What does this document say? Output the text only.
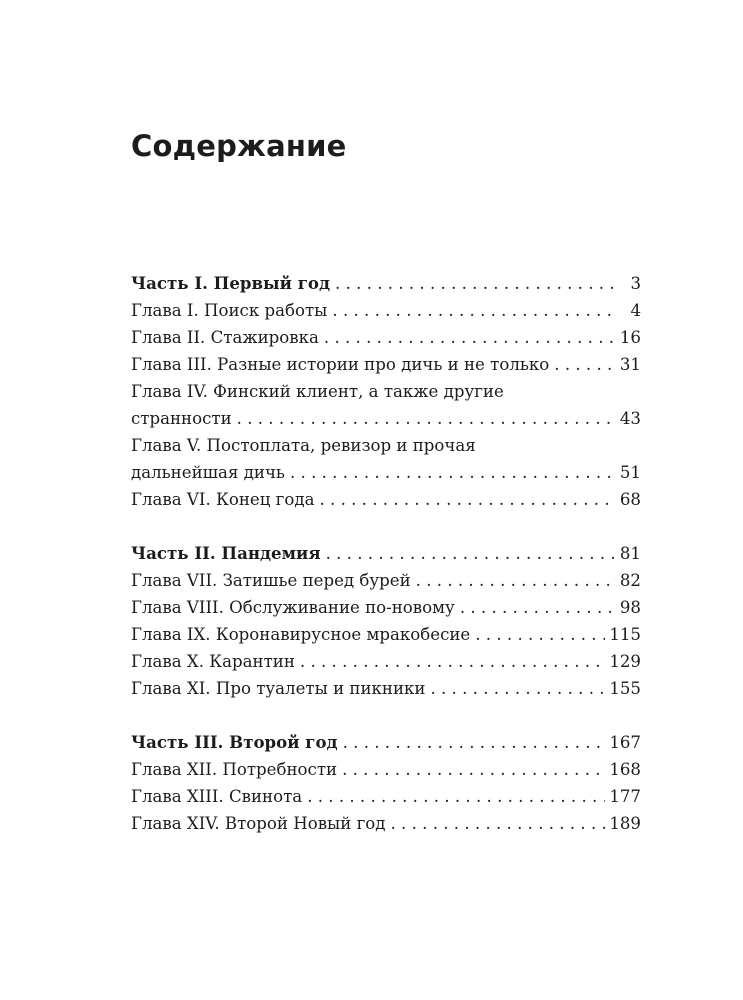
Содержание
Часть I. Первый год . . .	3
Глава I. Поиск работы . . .	4
Глава II. Стажировка . . .	16
Глава III. Разные истории про дичь и не только . . .	31
Глава IV. Финский клиент, а также другие
странности . . .	43
Глава V. Постоплата, ревизор и прочая
дальнейшая дичь . . .	51
Глава VI. Конец года . . .	68
Часть II. Пандемия . . .	81
Глава VII. Затишье перед бурей . . .	82
Глава VIII. Обслуживание по-новому . . .	98
Глава IX. Коронавирусное мракобесие . . .	115
Глава X. Карантин . . .	129
Глава XI. Про туалеты и пикники . . .	155
Часть III. Второй год . . .	167
Глава XII. Потребности . . .	168
Глава XIII. Свинота . . .	177
Глава XIV. Второй Новый год . . .	189
